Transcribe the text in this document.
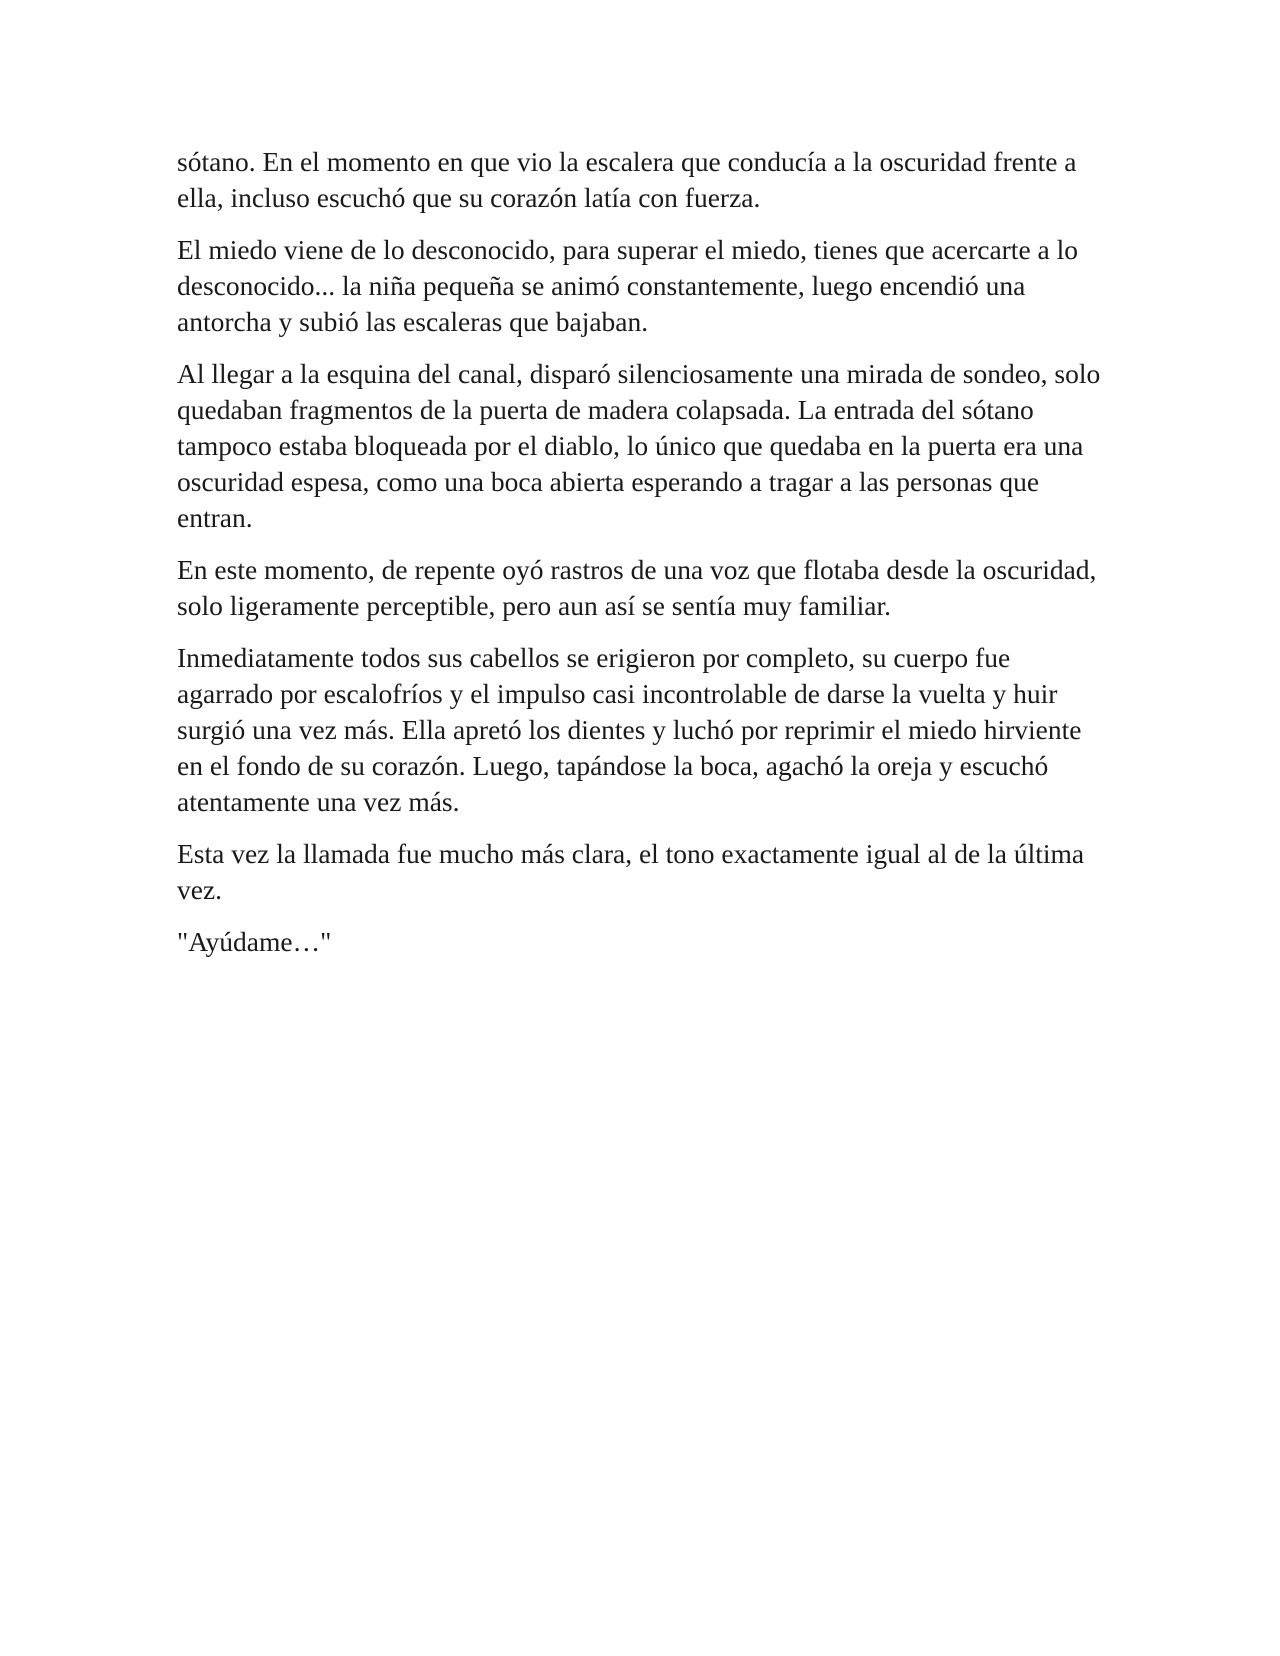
sótano. En el momento en que vio la escalera que conducía a la oscuridad frente a ella, incluso escuchó que su corazón latía con fuerza.

El miedo viene de lo desconocido, para superar el miedo, tienes que acercarte a lo desconocido... la niña pequeña se animó constantemente, luego encendió una antorcha y subió las escaleras que bajaban.

Al llegar a la esquina del canal, disparó silenciosamente una mirada de sondeo, solo quedaban fragmentos de la puerta de madera colapsada. La entrada del sótano tampoco estaba bloqueada por el diablo, lo único que quedaba en la puerta era una oscuridad espesa, como una boca abierta esperando a tragar a las personas que entran.

En este momento, de repente oyó rastros de una voz que flotaba desde la oscuridad, solo ligeramente perceptible, pero aun así se sentía muy familiar.

Inmediatamente todos sus cabellos se erigieron por completo, su cuerpo fue agarrado por escalofríos y el impulso casi incontrolable de darse la vuelta y huir surgió una vez más. Ella apretó los dientes y luchó por reprimir el miedo hirviente en el fondo de su corazón. Luego, tapándose la boca, agachó la oreja y escuchó atentamente una vez más.

Esta vez la llamada fue mucho más clara, el tono exactamente igual al de la última vez.

"Ayúdame…"
